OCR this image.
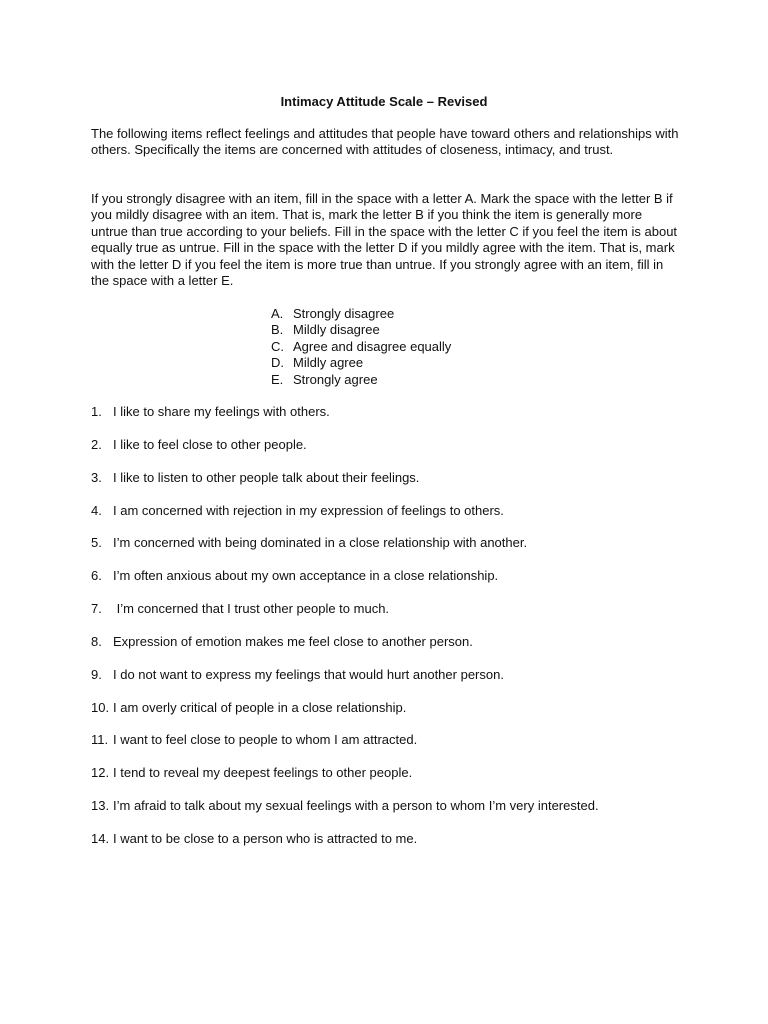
Intimacy Attitude Scale – Revised

The following items reflect feelings and attitudes that people have toward others and relationships with others. Specifically the items are concerned with attitudes of closeness, intimacy, and trust.

If you strongly disagree with an item, fill in the space with a letter A. Mark the space with the letter B if you mildly disagree with an item. That is, mark the letter B if you think the item is generally more untrue than true according to your beliefs. Fill in the space with the letter C if you feel the item is about equally true as untrue. Fill in the space with the letter D if you mildly agree with the item. That is, mark with the letter D if you feel the item is more true than untrue. If you strongly agree with an item, fill in the space with a letter E.

A. Strongly disagree
B. Mildly disagree
C. Agree and disagree equally
D. Mildly agree
E. Strongly agree
1. I like to share my feelings with others.
2. I like to feel close to other people.
3. I like to listen to other people talk about their feelings.
4. I am concerned with rejection in my expression of feelings to others.
5. I’m concerned with being dominated in a close relationship with another.
6. I’m often anxious about my own acceptance in a close relationship.
7. I’m concerned that I trust other people to much.
8. Expression of emotion makes me feel close to another person.
9. I do not want to express my feelings that would hurt another person.
10. I am overly critical of people in a close relationship.
11. I want to feel close to people to whom I am attracted.
12. I tend to reveal my deepest feelings to other people.
13. I’m afraid to talk about my sexual feelings with a person to whom I’m very interested.
14. I want to be close to a person who is attracted to me.
